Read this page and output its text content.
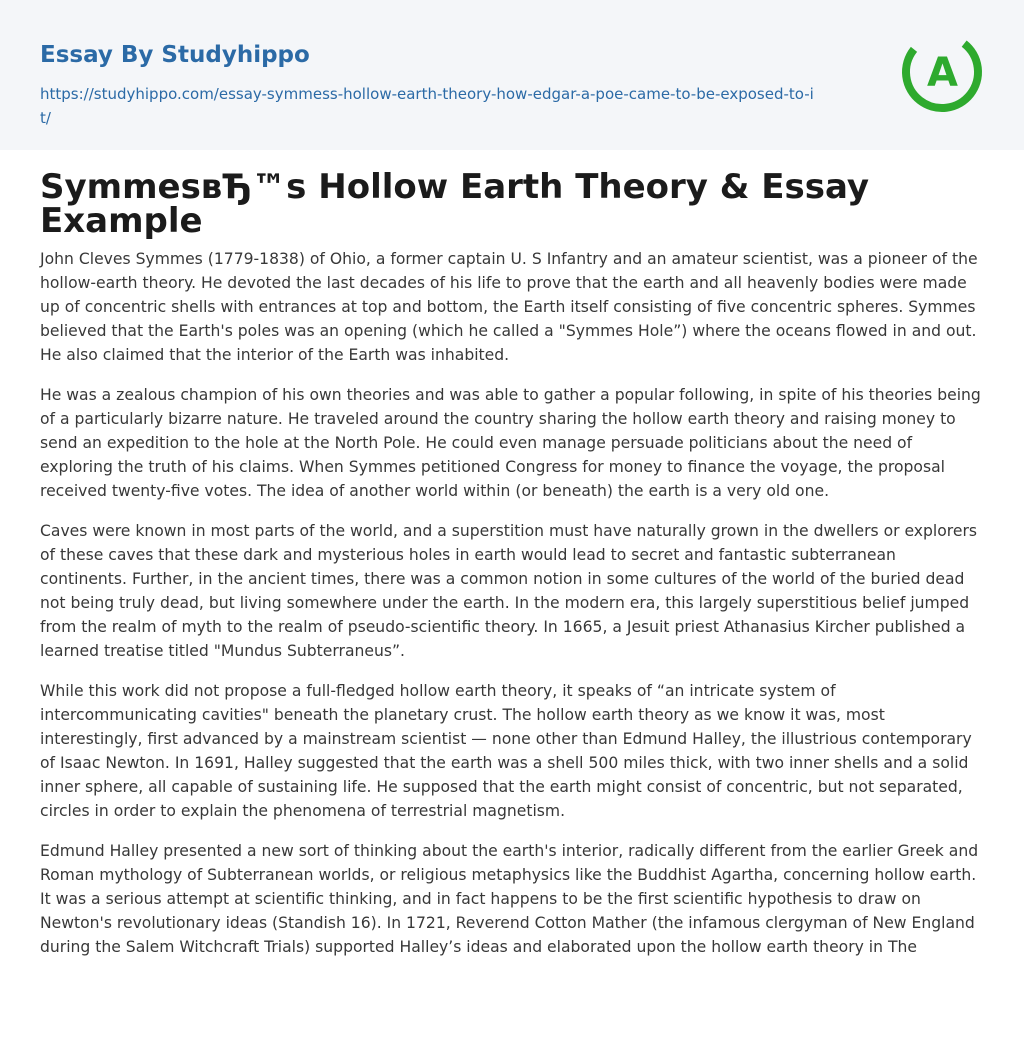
Essay By Studyhippo
https://studyhippo.com/essay-symmess-hollow-earth-theory-how-edgar-a-poe-came-to-be-exposed-to-it/
A
SymmesвЂ™s Hollow Earth Theory & Essay Example

John Cleves Symmes (1779-1838) of Ohio, a former captain U. S Infantry and an amateur scientist, was a pioneer of the hollow-earth theory. He devoted the last decades of his life to prove that the earth and all heavenly bodies were made up of concentric shells with entrances at top and bottom, the Earth itself consisting of five concentric spheres. Symmes believed that the Earth's poles was an opening (which he called a "Symmes Hole”) where the oceans flowed in and out. He also claimed that the interior of the Earth was inhabited.

He was a zealous champion of his own theories and was able to gather a popular following, in spite of his theories being of a particularly bizarre nature. He traveled around the country sharing the hollow earth theory and raising money to send an expedition to the hole at the North Pole. He could even manage persuade politicians about the need of exploring the truth of his claims. When Symmes petitioned Congress for money to finance the voyage, the proposal received twenty-five votes. The idea of another world within (or beneath) the earth is a very old one.

Caves were known in most parts of the world, and a superstition must have naturally grown in the dwellers or explorers of these caves that these dark and mysterious holes in earth would lead to secret and fantastic subterranean continents. Further, in the ancient times, there was a common notion in some cultures of the world of the buried dead not being truly dead, but living somewhere under the earth. In the modern era, this largely superstitious belief jumped from the realm of myth to the realm of pseudo-scientific theory. In 1665, a Jesuit priest Athanasius Kircher published a learned treatise titled "Mundus Subterraneus”.

While this work did not propose a full-fledged hollow earth theory, it speaks of “an intricate system of intercommunicating cavities" beneath the planetary crust. The hollow earth theory as we know it was, most interestingly, first advanced by a mainstream scientist — none other than Edmund Halley, the illustrious contemporary of Isaac Newton. In 1691, Halley suggested that the earth was a shell 500 miles thick, with two inner shells and a solid inner sphere, all capable of sustaining life. He supposed that the earth might consist of concentric, but not separated, circles in order to explain the phenomena of terrestrial magnetism.

Edmund Halley presented a new sort of thinking about the earth's interior, radically different from the earlier Greek and Roman mythology of Subterranean worlds, or religious metaphysics like the Buddhist Agartha, concerning hollow earth. It was a serious attempt at scientific thinking, and in fact happens to be the first scientific hypothesis to draw on Newton's revolutionary ideas (Standish 16). In 1721, Reverend Cotton Mather (the infamous clergyman of New England during the Salem Witchcraft Trials) supported Halley’s ideas and elaborated upon the hollow earth theory in The
